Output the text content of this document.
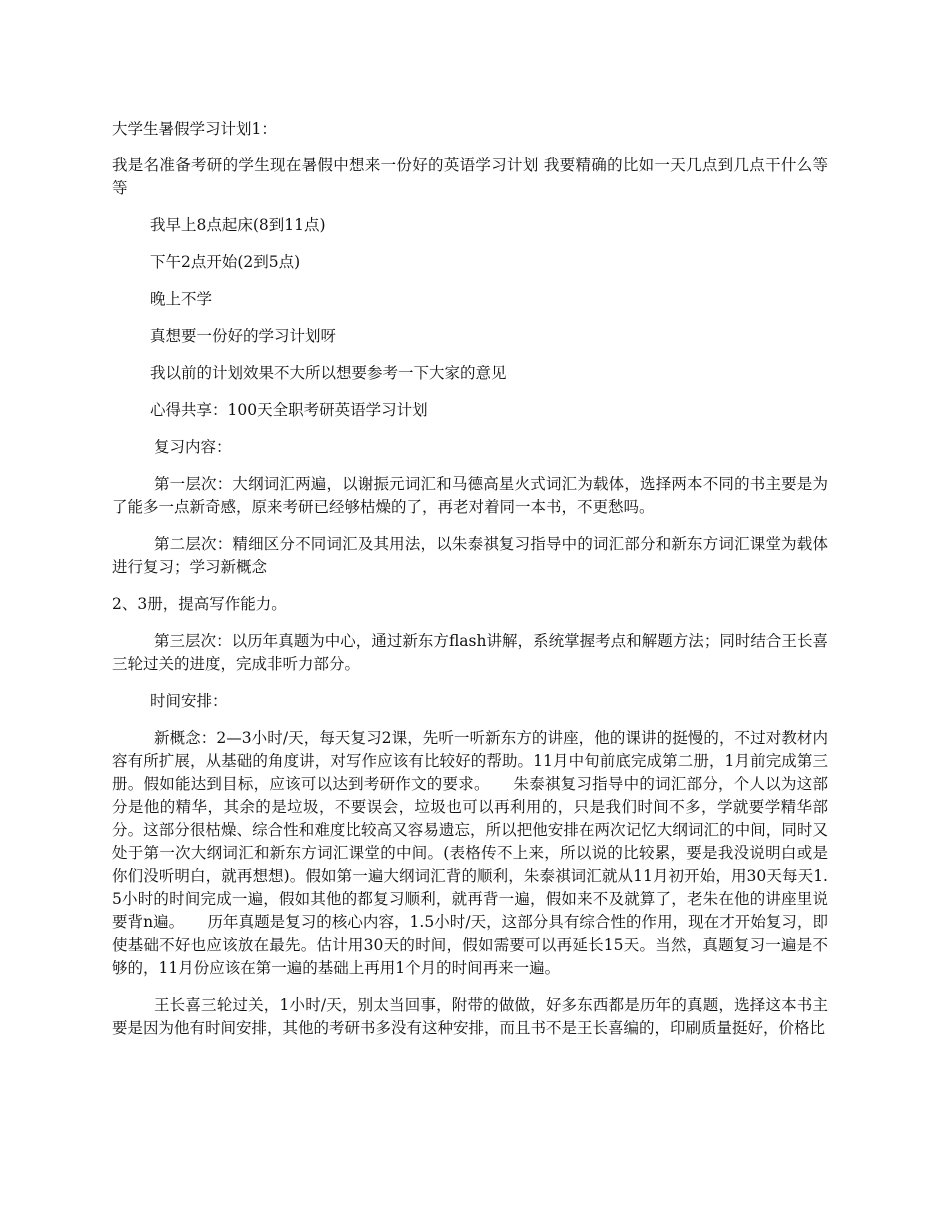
大学生暑假学习计划1：

我是名准备考研的学生现在暑假中想来一份好的英语学习计划 我要精确的比如一天几点到几点干什么等等

我早上8点起床(8到11点)

下午2点开始(2到5点)

晚上不学

真想要一份好的学习计划呀

我以前的计划效果不大所以想要参考一下大家的意见

心得共享：100天全职考研英语学习计划

复习内容：

第一层次：大纲词汇两遍，以谢振元词汇和马德高星火式词汇为载体，选择两本不同的书主要是为了能多一点新奇感，原来考研已经够枯燥的了，再老对着同一本书，不更愁吗。

第二层次：精细区分不同词汇及其用法，以朱泰祺复习指导中的词汇部分和新东方词汇课堂为载体进行复习；学习新概念

2、3册，提高写作能力。

第三层次：以历年真题为中心，通过新东方flash讲解，系统掌握考点和解题方法；同时结合王长喜三轮过关的进度，完成非听力部分。

时间安排：

新概念：2—3小时/天，每天复习2课，先听一听新东方的讲座，他的课讲的挺慢的，不过对教材内容有所扩展，从基础的角度讲，对写作应该有比较好的帮助。11月中旬前底完成第二册，1月前完成第三册。假如能达到目标，应该可以达到考研作文的要求。　　朱泰祺复习指导中的词汇部分，个人以为这部分是他的精华，其余的是垃圾，不要误会，垃圾也可以再利用的，只是我们时间不多，学就要学精华部分。这部分很枯燥、综合性和难度比较高又容易遗忘，所以把他安排在两次记忆大纲词汇的中间，同时又处于第一次大纲词汇和新东方词汇课堂的中间。(表格传不上来，所以说的比较累，要是我没说明白或是你们没听明白，就再想想)。假如第一遍大纲词汇背的顺利，朱泰祺词汇就从11月初开始，用30天每天1.5小时的时间完成一遍，假如其他的都复习顺利，就再背一遍，假如来不及就算了，老朱在他的讲座里说要背n遍。　　历年真题是复习的核心内容，1.5小时/天，这部分具有综合性的作用，现在才开始复习，即使基础不好也应该放在最先。估计用30天的时间，假如需要可以再延长15天。当然，真题复习一遍是不够的，11月份应该在第一遍的基础上再用1个月的时间再来一遍。

王长喜三轮过关，1小时/天，别太当回事，附带的做做，好多东西都是历年的真题，选择这本书主要是因为他有时间安排，其他的考研书多没有这种安排，而且书不是王长喜编的，印刷质量挺好，价格比
